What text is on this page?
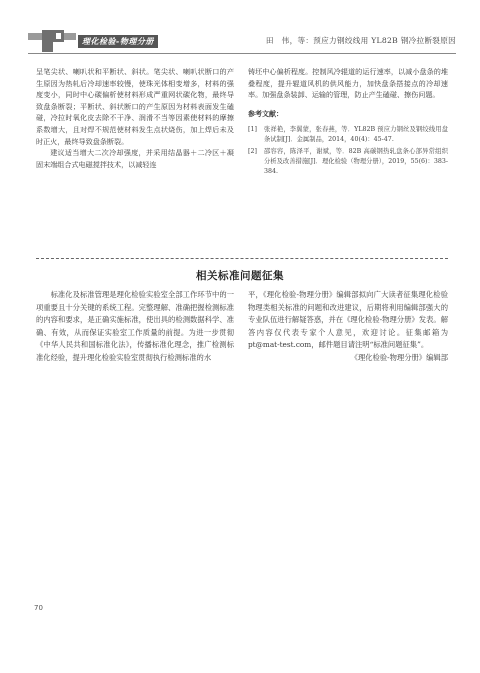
理化检验-物理分册	田　伟，等：预应力钢绞线用 YL82B 钢冷拉断裂原因

呈笔尖状、喇叭状和平断状、斜状。笔尖状、喇叭状断口的产生原因为热轧后冷却速率较慢，使珠光体相变增多，材料的强度变小，同时中心碳偏析使材料形成严重网状碳化物，最终导致盘条断裂；平断状、斜状断口的产生原因为材料表面发生磕碰，冷拉时氧化皮去除不干净、润滑不当等因素使材料的摩擦系数增大，且对焊不规范使材料发生点状烧伤，加上焊后未及时正火，最终导致盘条断裂。

建议适当增大二次冷却强度，并采用结晶器＋二冷区＋凝固末端组合式电磁搅拌技术，以减轻连

铸坯中心偏析程度。控制风冷辊道的运行速率，以减小盘条的堆叠程度，提升辊道风机的供风能力，加快盘条搭接点的冷却速率。加强盘条装卸、运输的管理，防止产生磕碰、擦伤问题。

参考文献：
[1]	张祥艳，李翼蒙，张春燕，等．YL82B 预应力钢丝及钢绞线用盘条试制[J]．金属制品，2014，40(4)：45-47.
[2]	邵容容，陈泽平，谢斌，等．82B 高碳钢热轧盘条心部异常组织分析及改善措施[J]．理化检验（物理分册），2019，55(6)：383-384.
相关标准问题征集

标准化及标准管理是理化检验实验室全部工作环节中的一项重要且十分关键的系统工程。完整理解、准确把握检测标准的内容和要求，是正确实施标准，使出具的检测数据科学、准确、有效，从而保证实验室工作质量的前提。为进一步贯彻《中华人民共和国标准化法》，传播标准化理念，推广检测标准化经验，提升理化检验实验室贯彻执行检测标准的水

平，《理化检验-物理分册》编辑部拟向广大读者征集理化检验物理类相关标准的问题和改进建议，后期将利用编辑部强大的专业队伍进行解疑答惑，并在《理化检验-物理分册》发表。解答内容仅代表专家个人意见，欢迎讨论。征集邮箱为 pt@mat-test.com，邮件题目请注明“标准问题征集”。

《理化检验-物理分册》编辑部

70
